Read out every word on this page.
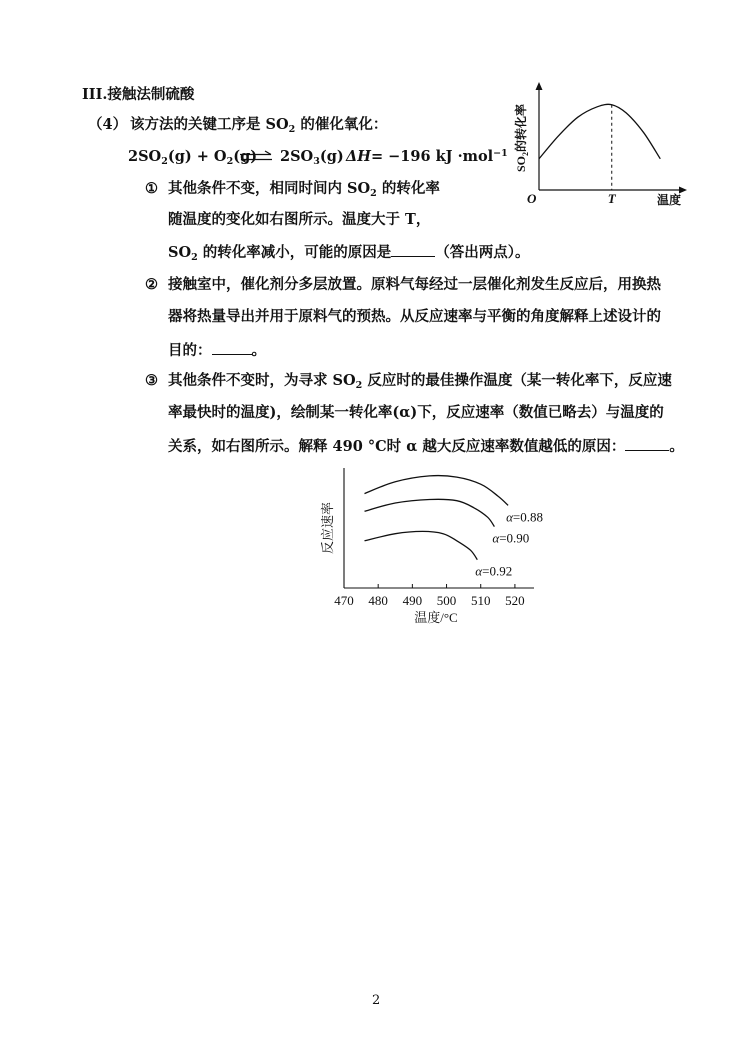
III.接触法制硫酸
（4） 该方法的关键工序是 $SO_2$ 的催化氧化：
$2SO_2(g) + O_2(g)$ ⇌ $2SO_3(g)$ ΔH= −196 kJ ·mol$^{-1}$
① 其他条件不变，相同时间内 $SO_2$ 的转化率
随温度的变化如右图所示。温度大于 T，
$SO_2$ 的转化率减小，可能的原因是	（答出两点）。
② 接触室中，催化剂分多层放置。原料气每经过一层催化剂发生反应后，用换热
器将热量导出并用于原料气的预热。从反应速率与平衡的角度解释上述设计的
目的：	。
③ 其他条件不变时，为寻求 $SO_2$ 反应时的最佳操作温度（某一转化率下，反应速
率最快时的温度)，绘制某一转化率(α)下，反应速率（数值已略去）与温度的
关系，如右图所示。解释 490 °C时 α 越大反应速率数值越低的原因：	。
$SO_2$的转化率
O	T	温度
470 480 490 500 510 520
α=0.88
α=0.90
α=0.92
反应速率
温度/°C
2
